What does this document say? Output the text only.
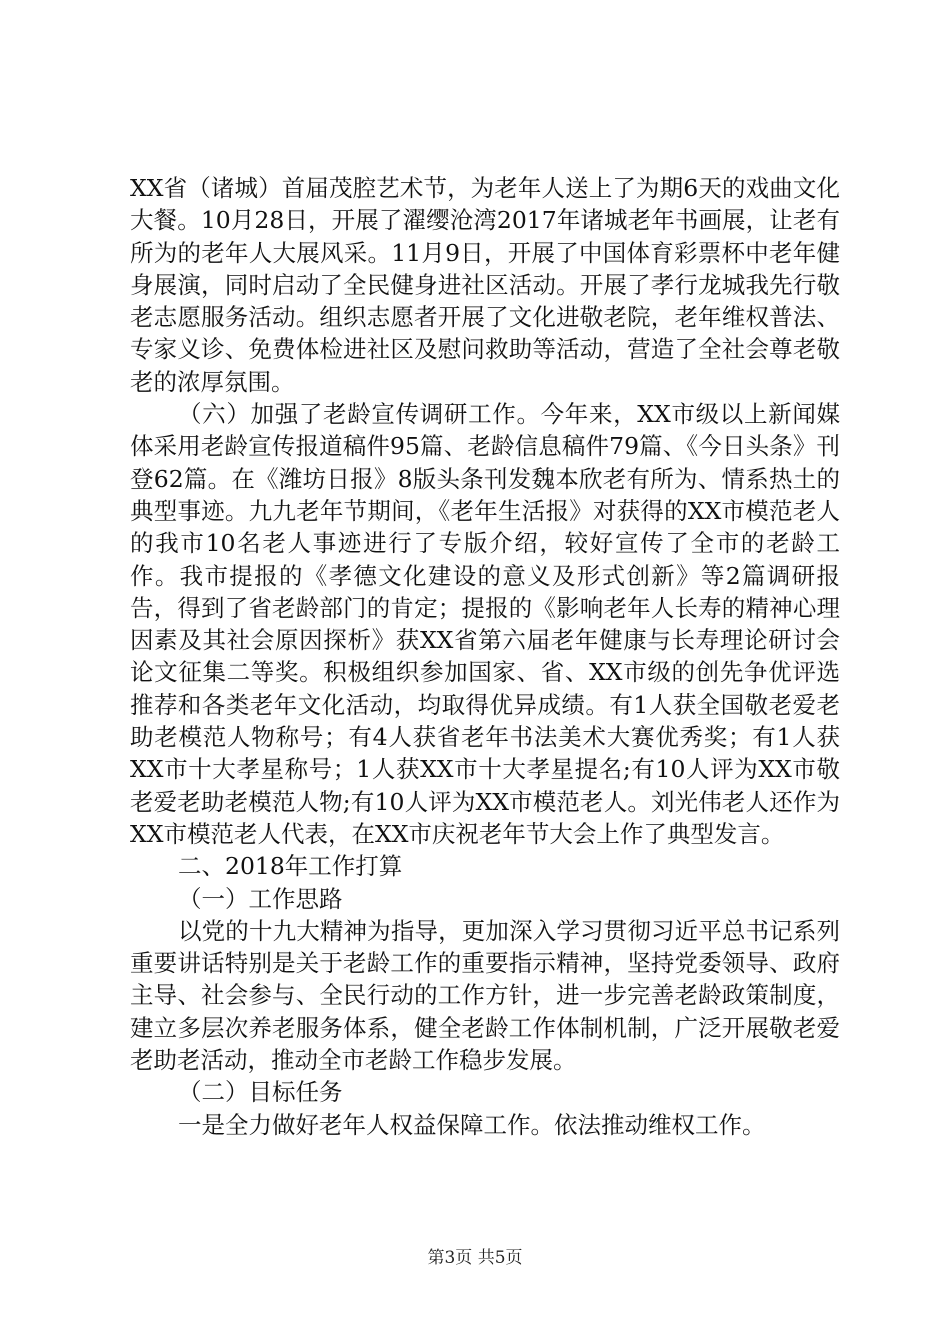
XX省（诸城）首届茂腔艺术节，为老年人送上了为期6天的戏曲文化大餐。10月28日，开展了濯缨沧湾2017年诸城老年书画展，让老有所为的老年人大展风采。11月9日，开展了中国体育彩票杯中老年健身展演，同时启动了全民健身进社区活动。开展了孝行龙城我先行敬老志愿服务活动。组织志愿者开展了文化进敬老院，老年维权普法、专家义诊、免费体检进社区及慰问救助等活动，营造了全社会尊老敬老的浓厚氛围。

（六）加强了老龄宣传调研工作。今年来，XX市级以上新闻媒体采用老龄宣传报道稿件95篇、老龄信息稿件79篇、《今日头条》刊登62篇。在《潍坊日报》8版头条刊发魏本欣老有所为、情系热土的典型事迹。九九老年节期间，《老年生活报》对获得的XX市模范老人的我市10名老人事迹进行了专版介绍，较好宣传了全市的老龄工作。我市提报的《孝德文化建设的意义及形式创新》等2篇调研报告，得到了省老龄部门的肯定；提报的《影响老年人长寿的精神心理因素及其社会原因探析》获XX省第六届老年健康与长寿理论研讨会论文征集二等奖。积极组织参加国家、省、XX市级的创先争优评选推荐和各类老年文化活动，均取得优异成绩。有1人获全国敬老爱老助老模范人物称号；有4人获省老年书法美术大赛优秀奖；有1人获XX市十大孝星称号；1人获XX市十大孝星提名;有10人评为XX市敬老爱老助老模范人物;有10人评为XX市模范老人。刘光伟老人还作为XX市模范老人代表，在XX市庆祝老年节大会上作了典型发言。

二、2018年工作打算

（一）工作思路

以党的十九大精神为指导，更加深入学习贯彻习近平总书记系列重要讲话特别是关于老龄工作的重要指示精神，坚持党委领导、政府主导、社会参与、全民行动的工作方针，进一步完善老龄政策制度，建立多层次养老服务体系，健全老龄工作体制机制，广泛开展敬老爱老助老活动，推动全市老龄工作稳步发展。

（二）目标任务

一是全力做好老年人权益保障工作。依法推动维权工作。

第3页 共5页
